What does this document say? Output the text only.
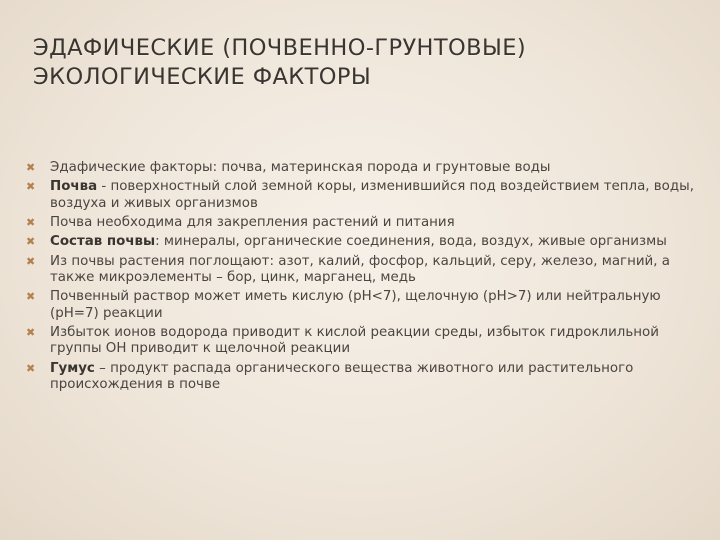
ЭДАФИЧЕСКИЕ (ПОЧВЕННО-ГРУНТОВЫЕ)
ЭКОЛОГИЧЕСКИЕ ФАКТОРЫ
✖ Эдафические факторы: почва, материнская порода и грунтовые воды
✖ Почва - поверхностный слой земной коры, изменившийся под воздействием тепла, воды, воздуха и живых организмов
✖ Почва необходима для закрепления растений и питания
✖ Состав почвы: минералы, органические соединения, вода, воздух, живые организмы
✖ Из почвы растения поглощают: азот, калий, фосфор, кальций, серу, железо, магний, а также микроэлементы – бор, цинк, марганец, медь
✖ Почвенный раствор может иметь кислую (рН<7), щелочную (рН>7) или нейтральную (рН=7) реакции
✖ Избыток ионов водорода приводит к кислой реакции среды, избыток гидроклильной группы ОН приводит к щелочной реакции
✖ Гумус – продукт распада органического вещества животного или растительного происхождения в почве
